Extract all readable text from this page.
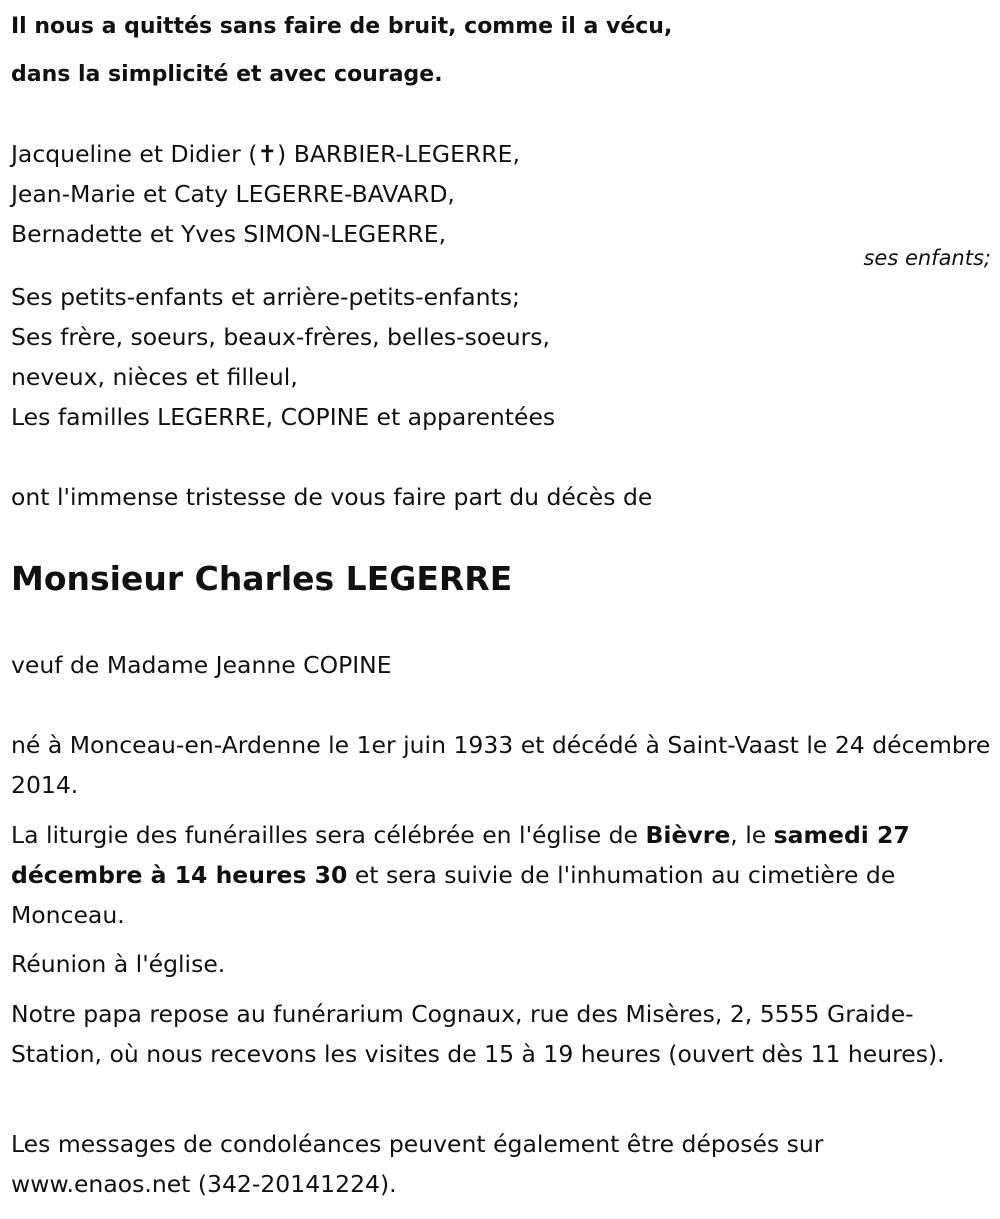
Il nous a quittés sans faire de bruit, comme il a vécu,
dans la simplicité et avec courage.
Jacqueline et Didier (✝) BARBIER-LEGERRE,
Jean-Marie et Caty LEGERRE-BAVARD,
Bernadette et Yves SIMON-LEGERRE,
ses enfants;
Ses petits-enfants et arrière-petits-enfants;
Ses frère, soeurs, beaux-frères, belles-soeurs,
neveux, nièces et filleul,
Les familles LEGERRE, COPINE et apparentées
ont l'immense tristesse de vous faire part du décès de
Monsieur Charles LEGERRE
veuf de Madame Jeanne COPINE
né à Monceau-en-Ardenne le 1er juin 1933 et décédé à Saint-Vaast le 24 décembre 2014.
La liturgie des funérailles sera célébrée en l'église de Bièvre, le samedi 27 décembre à 14 heures 30 et sera suivie de l'inhumation au cimetière de Monceau.
Réunion à l'église.
Notre papa repose au funérarium Cognaux, rue des Misères, 2, 5555 Graide-Station, où nous recevons les visites de 15 à 19 heures (ouvert dès 11 heures).
Les messages de condoléances peuvent également être déposés sur www.enaos.net (342-20141224).
